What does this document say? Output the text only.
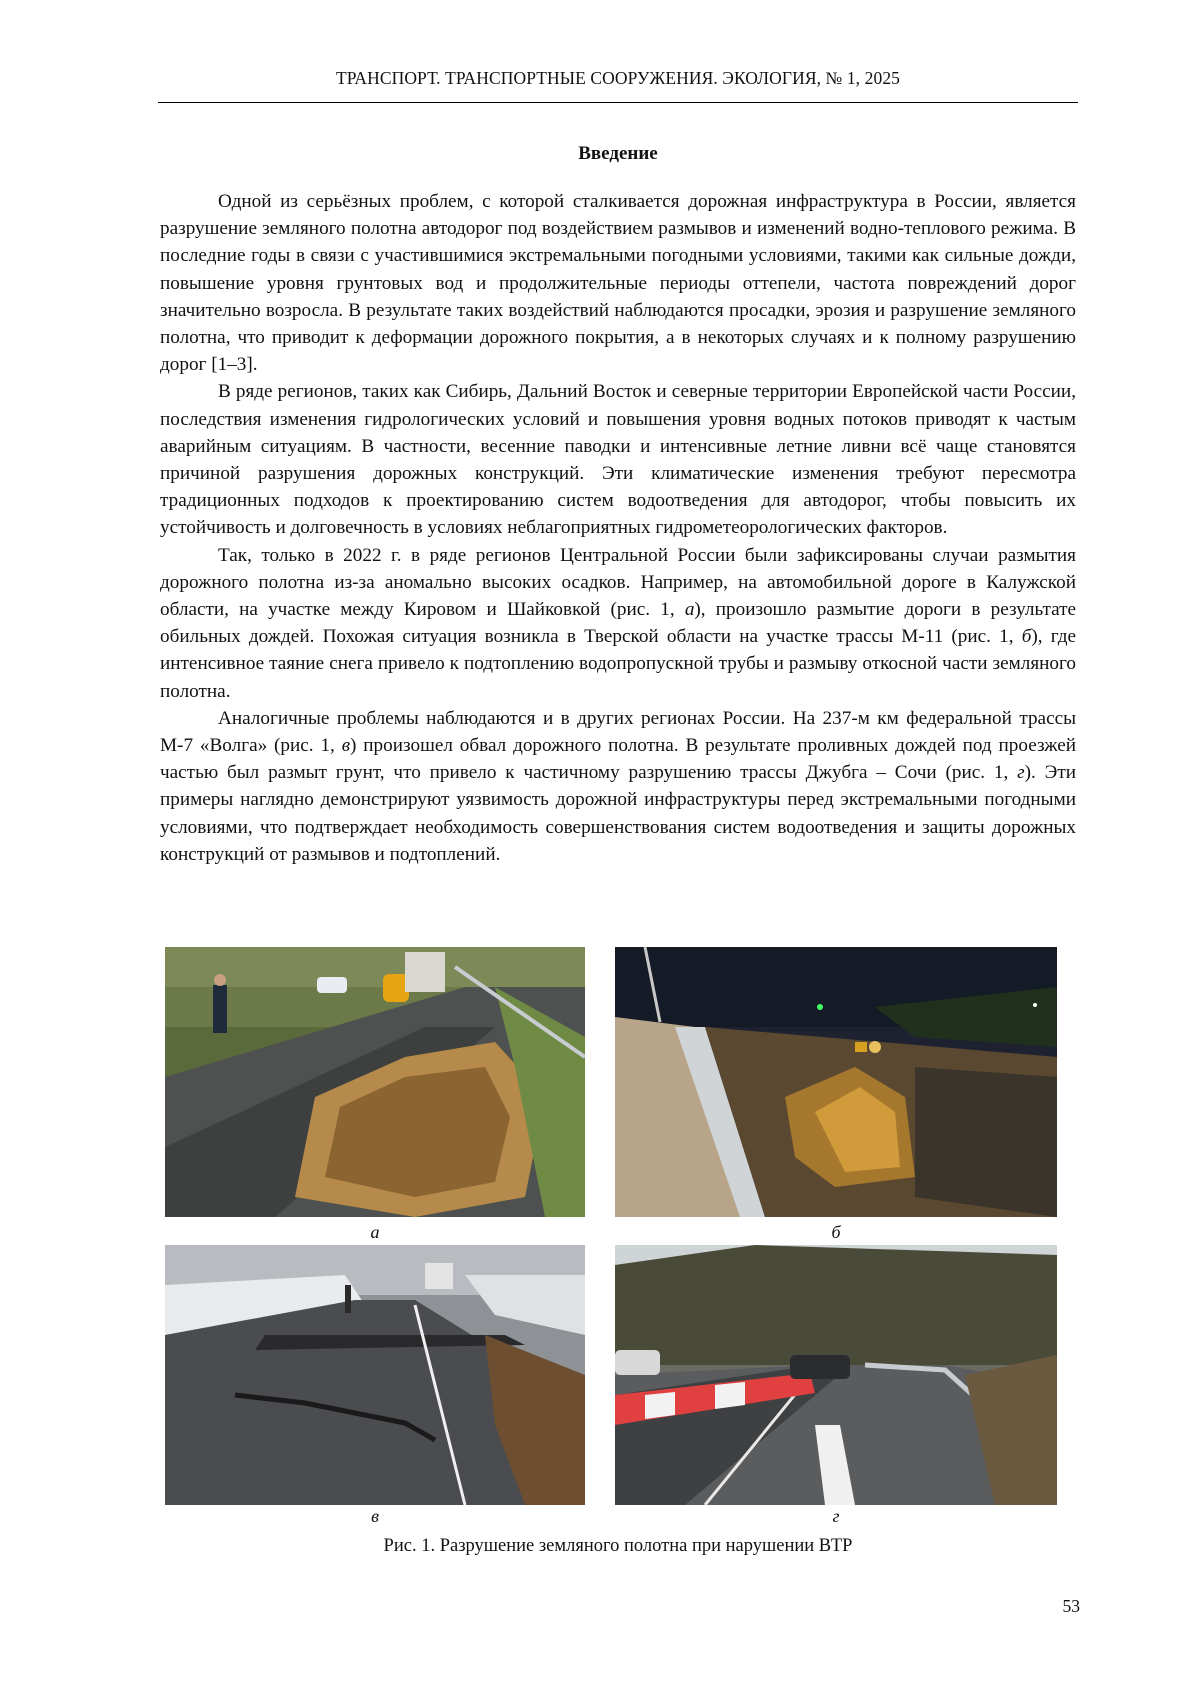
ТРАНСПОРТ. ТРАНСПОРТНЫЕ СООРУЖЕНИЯ. ЭКОЛОГИЯ, № 1, 2025
Введение

Одной из серьёзных проблем, с которой сталкивается дорожная инфраструктура в России, является разрушение земляного полотна автодорог под воздействием размывов и изменений водно-теплового режима. В последние годы в связи с участившимися экстремальными погодными условиями, такими как сильные дожди, повышение уровня грунтовых вод и продолжительные периоды оттепели, частота повреждений дорог значительно возросла. В результате таких воздействий наблюдаются просадки, эрозия и разрушение земляного полотна, что приводит к деформации дорожного покрытия, а в некоторых случаях и к полному разрушению дорог [1–3].

В ряде регионов, таких как Сибирь, Дальний Восток и северные территории Европейской части России, последствия изменения гидрологических условий и повышения уровня водных потоков приводят к частым аварийным ситуациям. В частности, весенние паводки и интенсивные летние ливни всё чаще становятся причиной разрушения дорожных конструкций. Эти климатические изменения требуют пересмотра традиционных подходов к проектированию систем водоотведения для автодорог, чтобы повысить их устойчивость и долговечность в условиях неблагоприятных гидрометеорологических факторов.

Так, только в 2022 г. в ряде регионов Центральной России были зафиксированы случаи размытия дорожного полотна из-за аномально высоких осадков. Например, на автомобильной дороге в Калужской области, на участке между Кировом и Шайковкой (рис. 1, а), произошло размытие дороги в результате обильных дождей. Похожая ситуация возникла в Тверской области на участке трассы М-11 (рис. 1, б), где интенсивное таяние снега привело к подтоплению водопропускной трубы и размыву откосной части земляного полотна.

Аналогичные проблемы наблюдаются и в других регионах России. На 237-м км федеральной трассы М-7 «Волга» (рис. 1, в) произошел обвал дорожного полотна. В результате проливных дождей под проезжей частью был размыт грунт, что привело к частичному разрушению трассы Джубга – Сочи (рис. 1, г). Эти примеры наглядно демонстрируют уязвимость дорожной инфраструктуры перед экстремальными погодными условиями, что подтверждает необходимость совершенствования систем водоотведения и защиты дорожных конструкций от размывов и подтоплений.

а	б
в	г
Рис. 1. Разрушение земляного полотна при нарушении ВТР
53
